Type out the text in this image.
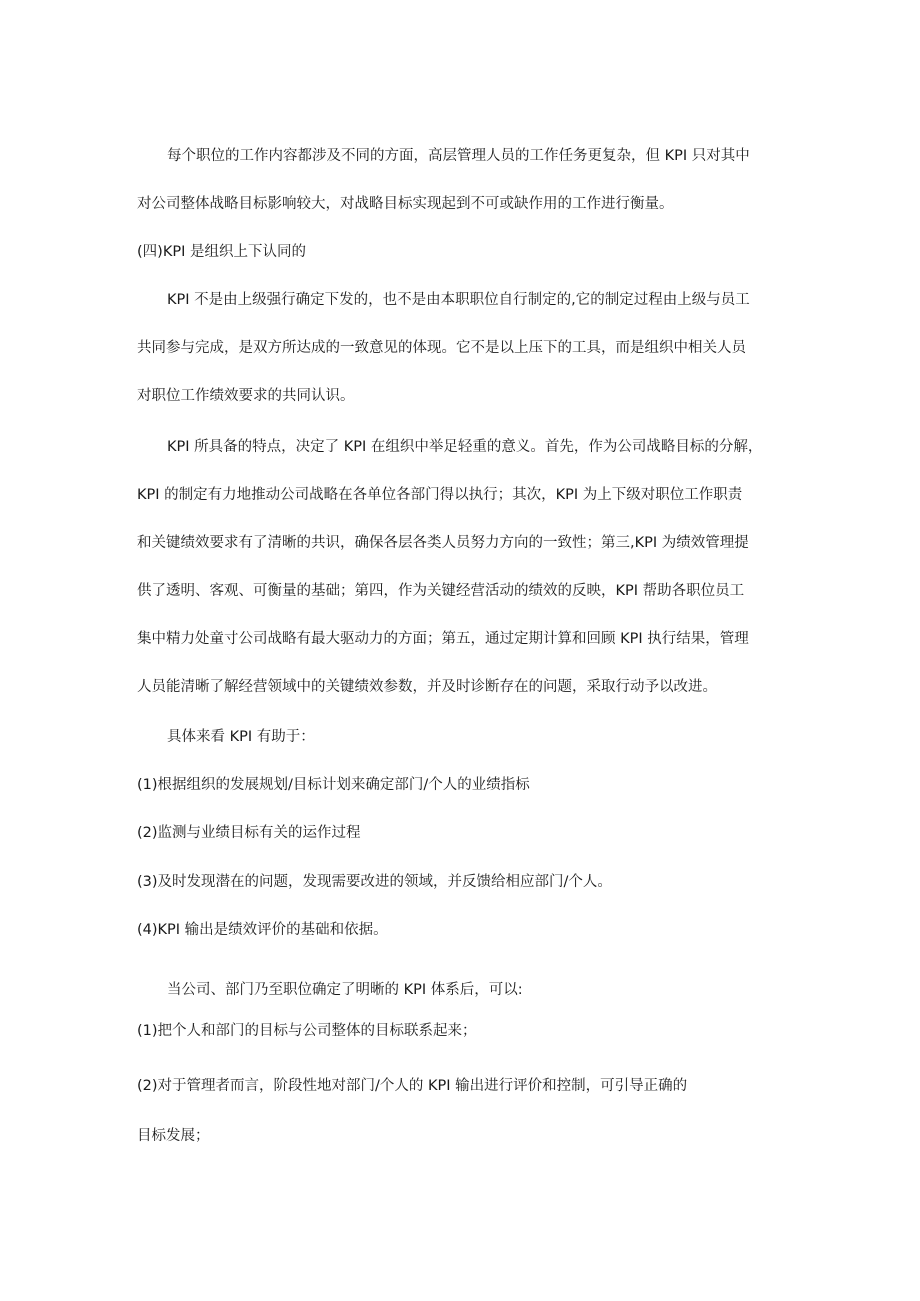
每个职位的工作内容都涉及不同的方面，高层管理人员的工作任务更复杂，但 KPI 只对其中
对公司整体战略目标影响较大，对战略目标实现起到不可或缺作用的工作进行衡量。
(四)KPI 是组织上下认同的
KPI 不是由上级强行确定下发的，也不是由本职职位自行制定的,它的制定过程由上级与员工
共同参与完成，是双方所达成的一致意见的体现。它不是以上压下的工具，而是组织中相关人员
对职位工作绩效要求的共同认识。
KPI 所具备的特点，决定了 KPI 在组织中举足轻重的意义。首先，作为公司战略目标的分解，
KPI 的制定有力地推动公司战略在各单位各部门得以执行；其次，KPI 为上下级对职位工作职责
和关键绩效要求有了清晰的共识，确保各层各类人员努力方向的一致性；第三,KPI 为绩效管理提
供了透明、客观、可衡量的基础；第四，作为关键经营活动的绩效的反映，KPI 帮助各职位员工
集中精力处童寸公司战略有最大驱动力的方面；第五，通过定期计算和回顾 KPI 执行结果，管理
人员能清晰了解经营领域中的关键绩效参数，并及时诊断存在的问题，采取行动予以改进。
具体来看 KPI 有助于：
(1)根据组织的发展规划/目标计划来确定部门/个人的业绩指标
(2)监测与业绩目标有关的运作过程
(3)及时发现潜在的问题，发现需要改进的领域，并反馈给相应部门/个人。
(4)KPI 输出是绩效评价的基础和依据。
当公司、部门乃至职位确定了明晰的 KPI 体系后，可以:
(1)把个人和部门的目标与公司整体的目标联系起来；
(2)对于管理者而言，阶段性地对部门/个人的 KPI 输出进行评价和控制，可引导正确的
目标发展；
